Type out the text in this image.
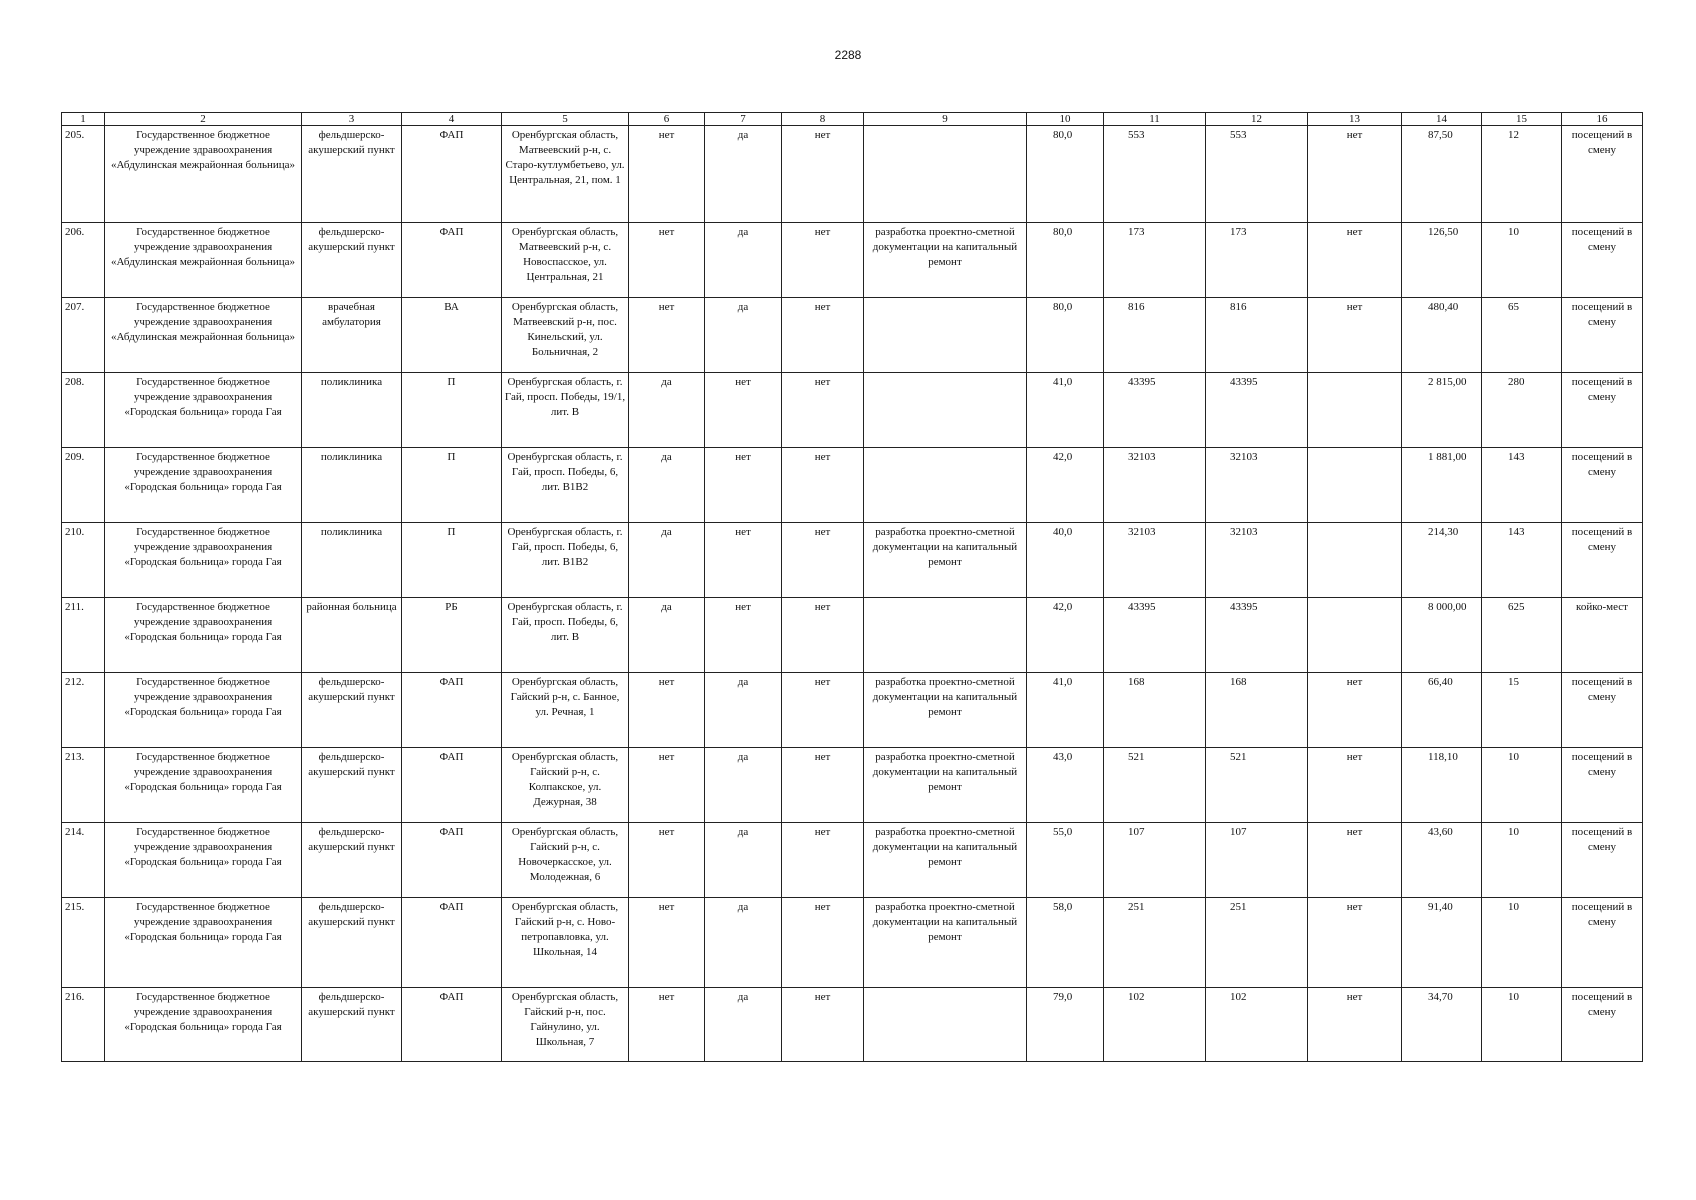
2288
1	2	3	4	5	6	7	8	9	10	11	12	13	14	15	16
205.	Государственное бюджетное учреждение здравоохранения «Абдулинская межрайонная больница»	фельдшерско-акушерский пункт	ФАП	Оренбургская область, Матвеевский р-н, с. Старо-кутлумбетьево, ул. Центральная, 21, пом. 1	нет	да	нет		80,0	553	553	нет	87,50	12	посещений в смену
206.	Государственное бюджетное учреждение здравоохранения «Абдулинская межрайонная больница»	фельдшерско-акушерский пункт	ФАП	Оренбургская область, Матвеевский р-н, с. Новоспасское, ул. Центральная, 21	нет	да	нет	разработка проектно-сметной документации на капитальный ремонт	80,0	173	173	нет	126,50	10	посещений в смену
207.	Государственное бюджетное учреждение здравоохранения «Абдулинская межрайонная больница»	врачебная амбулатория	ВА	Оренбургская область, Матвеевский р-н, пос. Кинельский, ул. Больничная, 2	нет	да	нет		80,0	816	816	нет	480,40	65	посещений в смену
208.	Государственное бюджетное учреждение здравоохранения «Городская больница» города Гая	поликлиника	П	Оренбургская область, г. Гай, просп. Победы, 19/1, лит. В	да	нет	нет		41,0	43395	43395		2 815,00	280	посещений в смену
209.	Государственное бюджетное учреждение здравоохранения «Городская больница» города Гая	поликлиника	П	Оренбургская область, г. Гай, просп. Победы, 6, лит. В1В2	да	нет	нет		42,0	32103	32103		1 881,00	143	посещений в смену
210.	Государственное бюджетное учреждение здравоохранения «Городская больница» города Гая	поликлиника	П	Оренбургская область, г. Гай, просп. Победы, 6, лит. В1В2	да	нет	нет	разработка проектно-сметной документации на капитальный ремонт	40,0	32103	32103		214,30	143	посещений в смену
211.	Государственное бюджетное учреждение здравоохранения «Городская больница» города Гая	районная больница	РБ	Оренбургская область, г. Гай, просп. Победы, 6, лит. В	да	нет	нет		42,0	43395	43395		8 000,00	625	койко-мест
212.	Государственное бюджетное учреждение здравоохранения «Городская больница» города Гая	фельдшерско-акушерский пункт	ФАП	Оренбургская область, Гайский р-н, с. Банное, ул. Речная, 1	нет	да	нет	разработка проектно-сметной документации на капитальный ремонт	41,0	168	168	нет	66,40	15	посещений в смену
213.	Государственное бюджетное учреждение здравоохранения «Городская больница» города Гая	фельдшерско-акушерский пункт	ФАП	Оренбургская область, Гайский р-н, с. Колпакское, ул. Дежурная, 38	нет	да	нет	разработка проектно-сметной документации на капитальный ремонт	43,0	521	521	нет	118,10	10	посещений в смену
214.	Государственное бюджетное учреждение здравоохранения «Городская больница» города Гая	фельдшерско-акушерский пункт	ФАП	Оренбургская область, Гайский р-н, с. Новочеркасское, ул. Молодежная, 6	нет	да	нет	разработка проектно-сметной документации на капитальный ремонт	55,0	107	107	нет	43,60	10	посещений в смену
215.	Государственное бюджетное учреждение здравоохранения «Городская больница» города Гая	фельдшерско-акушерский пункт	ФАП	Оренбургская область, Гайский р-н, с. Ново-петропавловка, ул. Школьная, 14	нет	да	нет	разработка проектно-сметной документации на капитальный ремонт	58,0	251	251	нет	91,40	10	посещений в смену
216.	Государственное бюджетное учреждение здравоохранения «Городская больница» города Гая	фельдшерско-акушерский пункт	ФАП	Оренбургская область, Гайский р-н, пос. Гайнулино, ул. Школьная, 7	нет	да	нет		79,0	102	102	нет	34,70	10	посещений в смену
